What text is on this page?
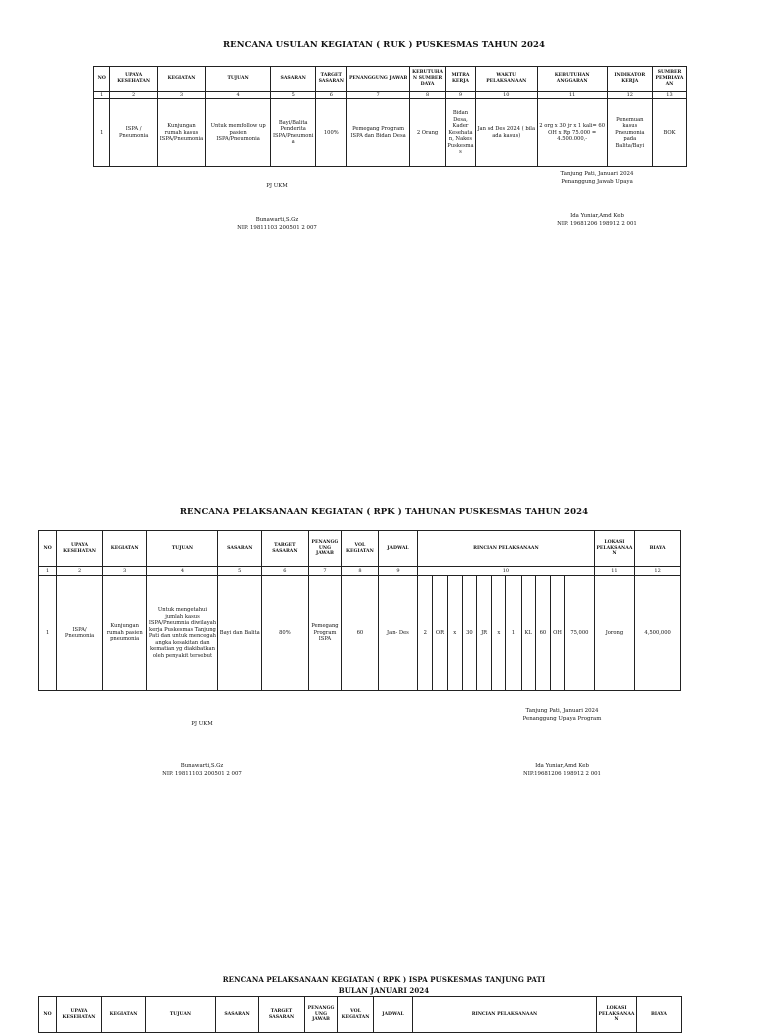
RENCANA USULAN KEGIATAN ( RUK ) PUSKESMAS TAHUN 2024
NO	UPAYA KESEHATAN	KEGIATAN	TUJUAN	SASARAN	TARGET SASARAN	PENANGGUNG JAWAB	KEBUTUHAN SUMBER DAYA	MITRA KERJA	WAKTU PELAKSANAAN	KEBUTUHAN ANGGARAN	INDIKATOR KERJA	SUMBER PEMBIAYAAN
1	2	3	4	5	6	7	8	9	10	11	12	13
1	ISPA / Pneumonia	Kunjungan rumah kasus ISPA/Pneumonia	Untuk memfollow up pasien ISPA/Pneumonia	Bayi/Balita Penderita ISPA/Pneumonia	100%	Pemegang Program ISPA dan Bidan Desa	2 Orang	Bidan Desa, Kader Kesehatan, Nakes Puskesmas	Jan sd Des 2024 ( bila ada kasus)	2 org x 30 jr x 1 kali= 60 OH x Rp 75.000 = 4.500.000,-	Penemuan kasus Pneumonia pada Balita/Bayi	BOK
PJ UKM
Bunawarti,S.Gz
NIP. 19811103 200501 2 007
Tanjung Pati, Januari 2024
Penanggung Jawab Upaya
Ida Yuniar,Amd Keb
NIP. 19681206 198912 2 001
RENCANA PELAKSANAAN KEGIATAN ( RPK ) TAHUNAN PUSKESMAS TAHUN 2024
NO	UPAYA KESEHATAN	KEGIATAN	TUJUAN	SASARAN	TARGET SASARAN	PENANGGUNG JAWAB	VOL KEGIATAN	JADWAL	RINCIAN PELAKSANAAN											LOKASI PELAKSANAAN	BIAYA
1	2	3	4	5	6	7	8	9	10											11	12
1	ISPA/ Pneumonia	Kunjungan rumah pasien pneumonia	Untuk mengetahui jumlah kasus ISPA/Pneumnia diwilayah kerja Puskesmas Tanjung Pati dan untuk mencegah angka kesakitan dan kematian yg diakibatkan oleh penyakit tersebut	Bayi dan Balita	80%	Pemegang Program ISPA	60	Jan- Des	2	OR	x	30	JR	x	1	KL	60	OH	75,000	Jorong	4,500,000
PJ UKM
Bunawarti,S.Gz
NIP. 19811103 200501 2 007
Tanjung Pati, Januari 2024
Penanggung Upaya Program
Ida Yuniar,Amd Keb
NIP.19681206 198912 2 001
RENCANA PELAKSANAAN KEGIATAN ( RPK ) ISPA PUSKESMAS TANJUNG PATI
BULAN JANUARI 2024
NO	UPAYA KESEHATAN	KEGIATAN	TUJUAN	SASARAN	TARGET SASARAN	PENANGGUNG JAWAB	VOL KEGIATAN	JADWAL	RINCIAN PELAKSANAAN	LOKASI PELAKSANAAN	BIAYA
